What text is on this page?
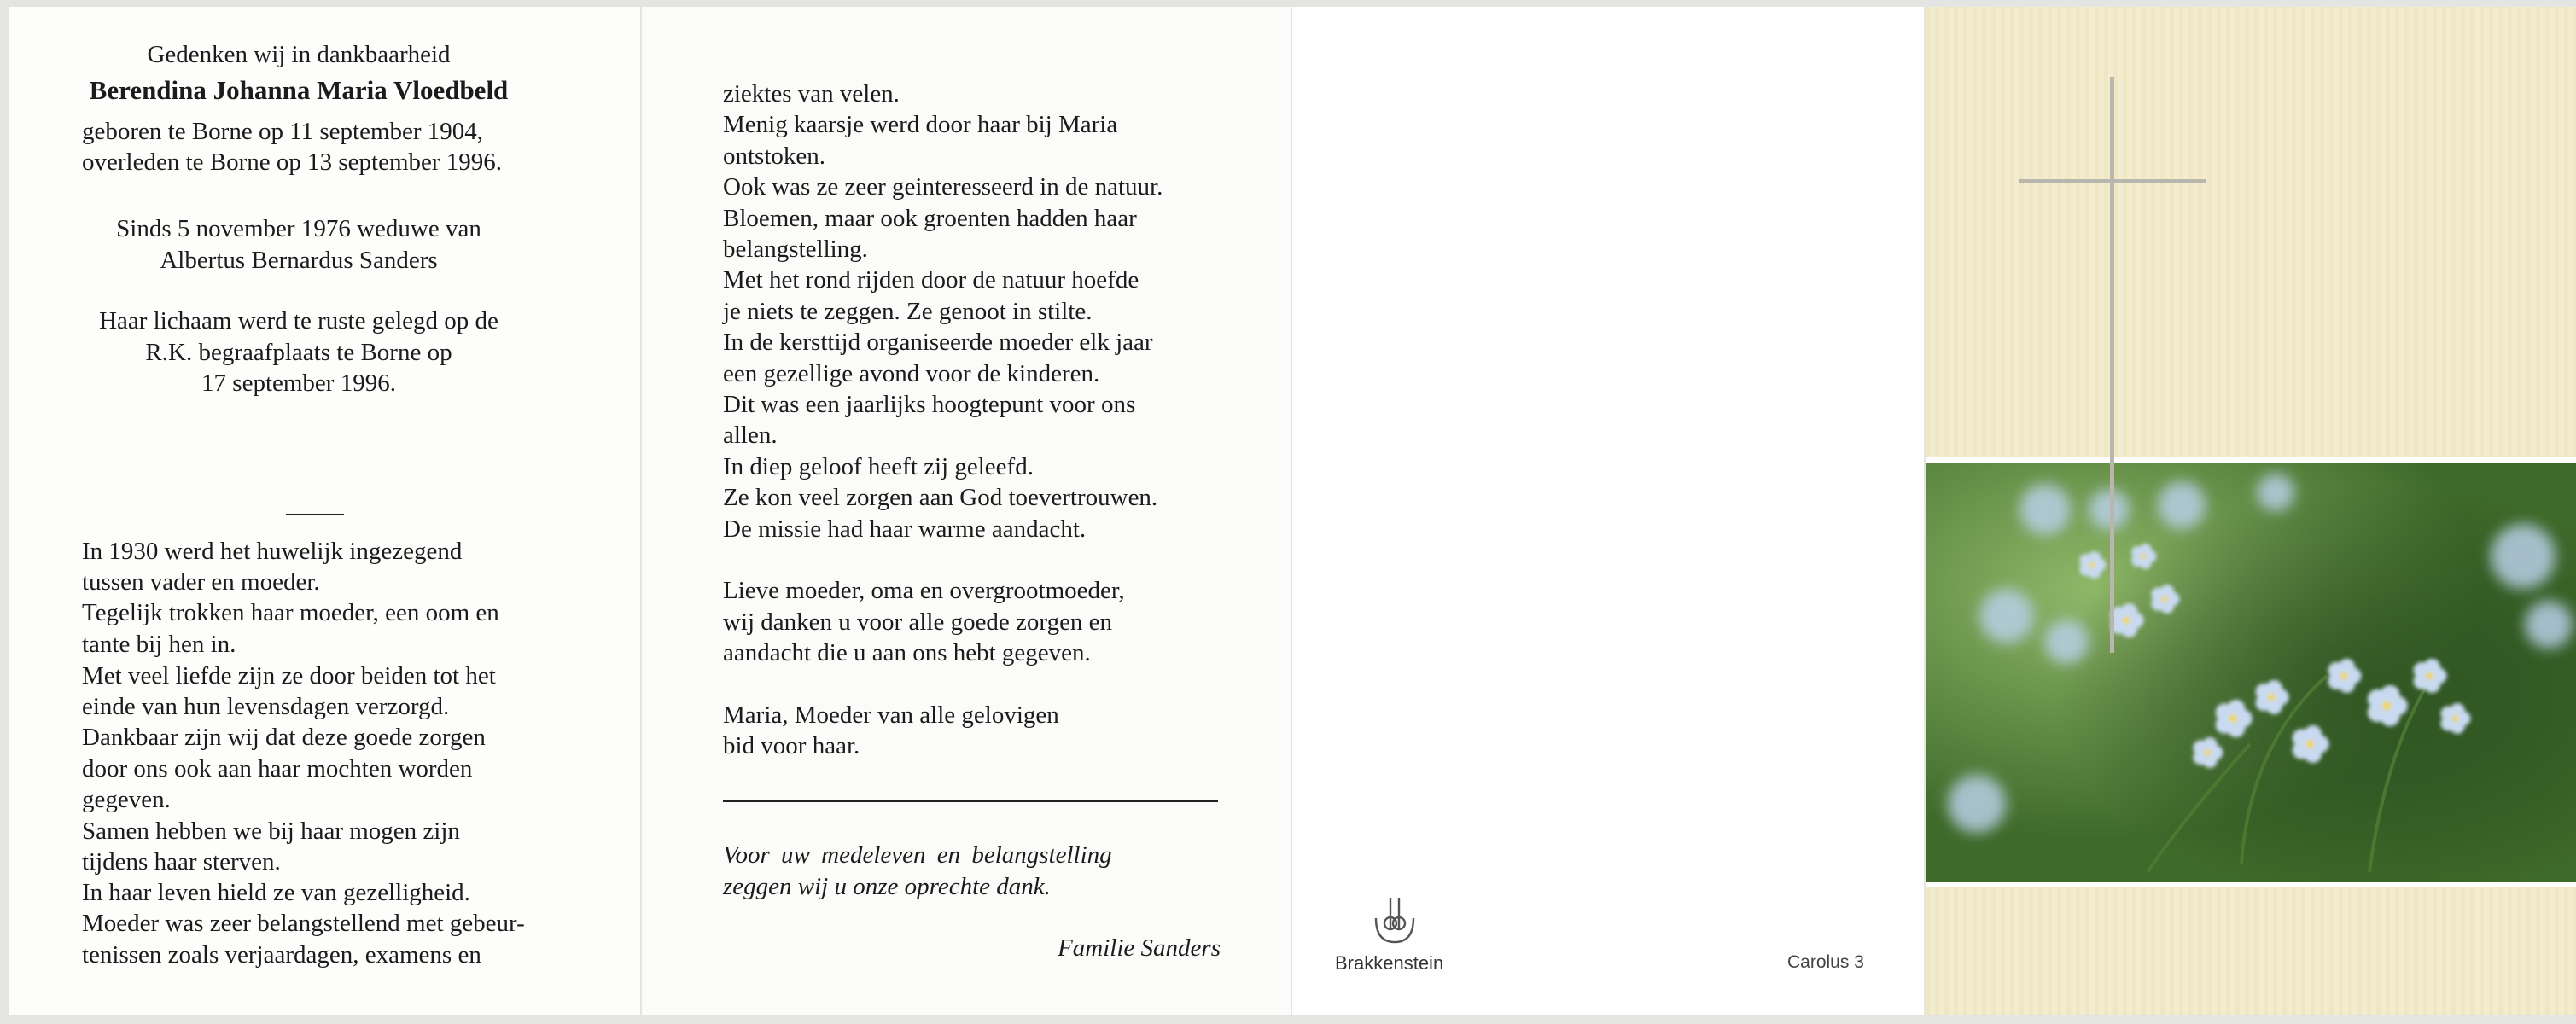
Gedenken wij in dankbaarheid

Berendina Johanna Maria Vloedbeld

geboren te Borne op 11 september 1904,

overleden te Borne op 13 september 1996.

Sinds 5 november 1976 weduwe van

Albertus Bernardus Sanders

Haar lichaam werd te ruste gelegd op de

R.K. begraafplaats te Borne op

17 september 1996.

In 1930 werd het huwelijk ingezegend

tussen vader en moeder.

Tegelijk trokken haar moeder, een oom en

tante bij hen in.

Met veel liefde zijn ze door beiden tot het

einde van hun levensdagen verzorgd.

Dankbaar zijn wij dat deze goede zorgen

door ons ook aan haar mochten worden

gegeven.

Samen hebben we bij haar mogen zijn

tijdens haar sterven.

In haar leven hield ze van gezelligheid.

Moeder was zeer belangstellend met gebeur-

tenissen zoals verjaardagen, examens en

ziektes van velen.

Menig kaarsje werd door haar bij Maria

ontstoken.

Ook was ze zeer geinteresseerd in de natuur.

Bloemen, maar ook groenten hadden haar

belangstelling.

Met het rond rijden door de natuur hoefde

je niets te zeggen. Ze genoot in stilte.

In de kersttijd organiseerde moeder elk jaar

een gezellige avond voor de kinderen.

Dit was een jaarlijks hoogtepunt voor ons

allen.

In diep geloof heeft zij geleefd.

Ze kon veel zorgen aan God toevertrouwen.

De missie had haar warme aandacht.

Lieve moeder, oma en overgrootmoeder,

wij danken u voor alle goede zorgen en

aandacht die u aan ons hebt gegeven.

Maria, Moeder van alle gelovigen

bid voor haar.

Voor uw medeleven en belangstelling

zeggen wij u onze oprechte dank.

Familie Sanders

Brakkenstein	Carolus 3
